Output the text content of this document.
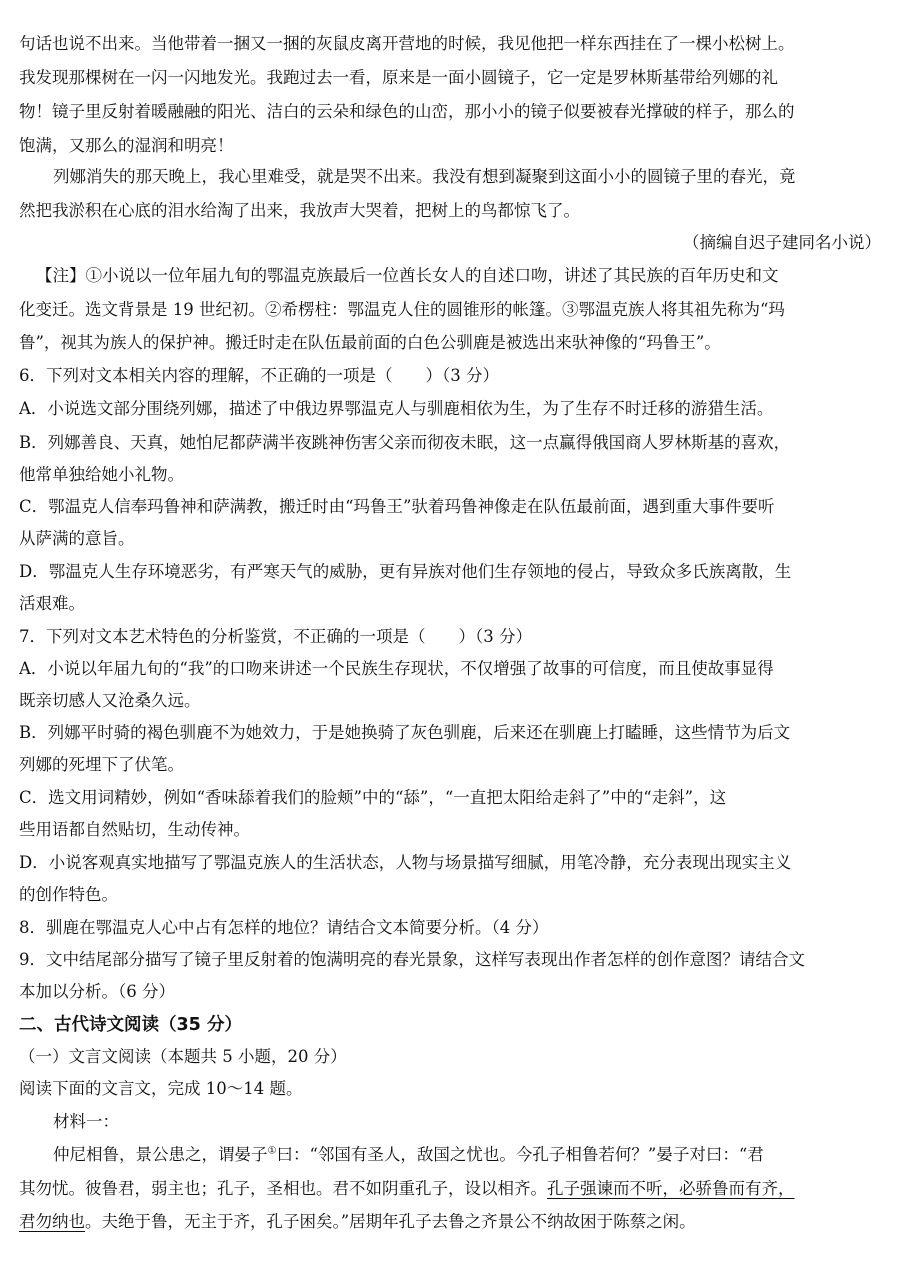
句话也说不出来。当他带着一捆又一捆的灰鼠皮离开营地的时候，我见他把一样东西挂在了一棵小松树上。
我发现那棵树在一闪一闪地发光。我跑过去一看，原来是一面小圆镜子，它一定是罗林斯基带给列娜的礼
物！镜子里反射着暖融融的阳光、洁白的云朵和绿色的山峦，那小小的镜子似要被春光撑破的样子，那么的
饱满，又那么的湿润和明亮！
列娜消失的那天晚上，我心里难受，就是哭不出来。我没有想到凝聚到这面小小的圆镜子里的春光，竟
然把我淤积在心底的泪水给淘了出来，我放声大哭着，把树上的鸟都惊飞了。
（摘编自迟子建同名小说）
【注】①小说以一位年届九旬的鄂温克族最后一位酋长女人的自述口吻，讲述了其民族的百年历史和文
化变迁。选文背景是 19 世纪初。②希楞柱：鄂温克人住的圆锥形的帐篷。③鄂温克族人将其祖先称为“玛
鲁”，视其为族人的保护神。搬迁时走在队伍最前面的白色公驯鹿是被选出来驮神像的“玛鲁王”。
6．下列对文本相关内容的理解，不正确的一项是（　　）（3 分）
A．小说选文部分围绕列娜，描述了中俄边界鄂温克人与驯鹿相依为生，为了生存不时迁移的游猎生活。
B．列娜善良、天真，她怕尼都萨满半夜跳神伤害父亲而彻夜未眠，这一点赢得俄国商人罗林斯基的喜欢，
他常单独给她小礼物。
C．鄂温克人信奉玛鲁神和萨满教，搬迁时由“玛鲁王”驮着玛鲁神像走在队伍最前面，遇到重大事件要听
从萨满的意旨。
D．鄂温克人生存环境恶劣，有严寒天气的威胁，更有异族对他们生存领地的侵占，导致众多氏族离散，生
活艰难。
7．下列对文本艺术特色的分析鉴赏，不正确的一项是（　　）（3 分）
A．小说以年届九旬的“我”的口吻来讲述一个民族生存现状，不仅增强了故事的可信度，而且使故事显得
既亲切感人又沧桑久远。
B．列娜平时骑的褐色驯鹿不为她效力，于是她换骑了灰色驯鹿，后来还在驯鹿上打瞌睡，这些情节为后文
列娜的死埋下了伏笔。
C．选文用词精妙，例如“香味舔着我们的脸颊”中的“舔”，“一直把太阳给走斜了”中的“走斜”，这
些用语都自然贴切，生动传神。
D．小说客观真实地描写了鄂温克族人的生活状态，人物与场景描写细腻，用笔冷静，充分表现出现实主义
的创作特色。
8．驯鹿在鄂温克人心中占有怎样的地位？请结合文本简要分析。（4 分）
9．文中结尾部分描写了镜子里反射着的饱满明亮的春光景象，这样写表现出作者怎样的创作意图？请结合文
本加以分析。（6 分）
二、古代诗文阅读（35 分）
（一）文言文阅读（本题共 5 小题，20 分）
阅读下面的文言文，完成 10～14 题。
材料一：
仲尼相鲁，景公患之，谓晏子①曰：“邻国有圣人，敌国之忧也。今孔子相鲁若何？”晏子对曰：“君
其勿忧。彼鲁君，弱主也；孔子，圣相也。君不如阴重孔子，设以相齐。孔子强谏而不听，必骄鲁而有齐，
君勿纳也。夫绝于鲁，无主于齐，孔子困矣。”居期年孔子去鲁之齐景公不纳故困于陈蔡之闲。
